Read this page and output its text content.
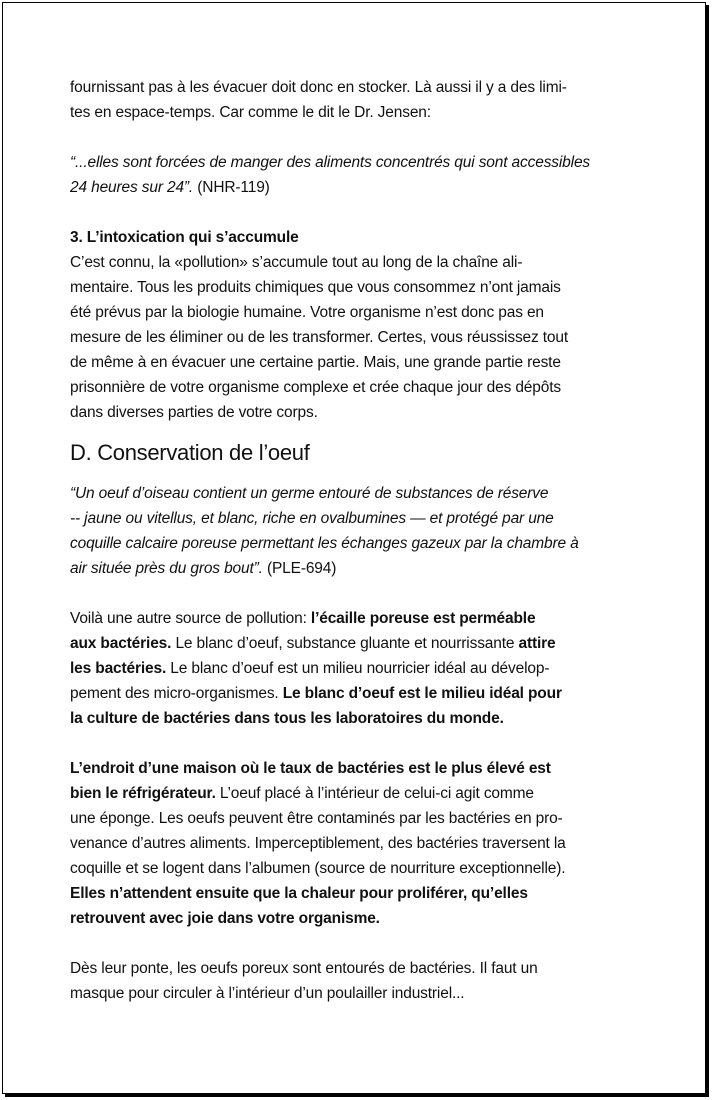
fournissant pas à les évacuer doit donc en stocker. Là aussi il y a des limi-
tes en espace-temps. Car comme le dit le Dr. Jensen:

“...elles sont forcées de manger des aliments concentrés qui sont accessibles
24 heures sur 24”. (NHR-119)

3. L’intoxication qui s’accumule

C’est connu, la «pollution» s’accumule tout au long de la chaîne ali-
mentaire. Tous les produits chimiques que vous consommez n’ont jamais
été prévus par la biologie humaine. Votre organisme n’est donc pas en
mesure de les éliminer ou de les transformer. Certes, vous réussissez tout
de même à en évacuer une certaine partie. Mais, une grande partie reste
prisonnière de votre organisme complexe et crée chaque jour des dépôts
dans diverses parties de votre corps.

D. Conservation de l’oeuf

“Un oeuf d’oiseau contient un germe entouré de substances de réserve
-- jaune ou vitellus, et blanc, riche en ovalbumines — et protégé par une
coquille calcaire poreuse permettant les échanges gazeux par la chambre à
air située près du gros bout”. (PLE-694)

Voilà une autre source de pollution: l’écaille poreuse est perméable
aux bactéries. Le blanc d’oeuf, substance gluante et nourrissante attire
les bactéries. Le blanc d’oeuf est un milieu nourricier idéal au dévelop-
pement des micro-organismes. Le blanc d’oeuf est le milieu idéal pour
la culture de bactéries dans tous les laboratoires du monde.

L’endroit d’une maison où le taux de bactéries est le plus élevé est
bien le réfrigérateur. L’oeuf placé à l’intérieur de celui-ci agit comme
une éponge. Les oeufs peuvent être contaminés par les bactéries en pro-
venance d’autres aliments. Imperceptiblement, des bactéries traversent la
coquille et se logent dans l’albumen (source de nourriture exceptionnelle).
Elles n’attendent ensuite que la chaleur pour proliférer, qu’elles
retrouvent avec joie dans votre organisme.

Dès leur ponte, les oeufs poreux sont entourés de bactéries. Il faut un
masque pour circuler à l’intérieur d’un poulailler industriel...
